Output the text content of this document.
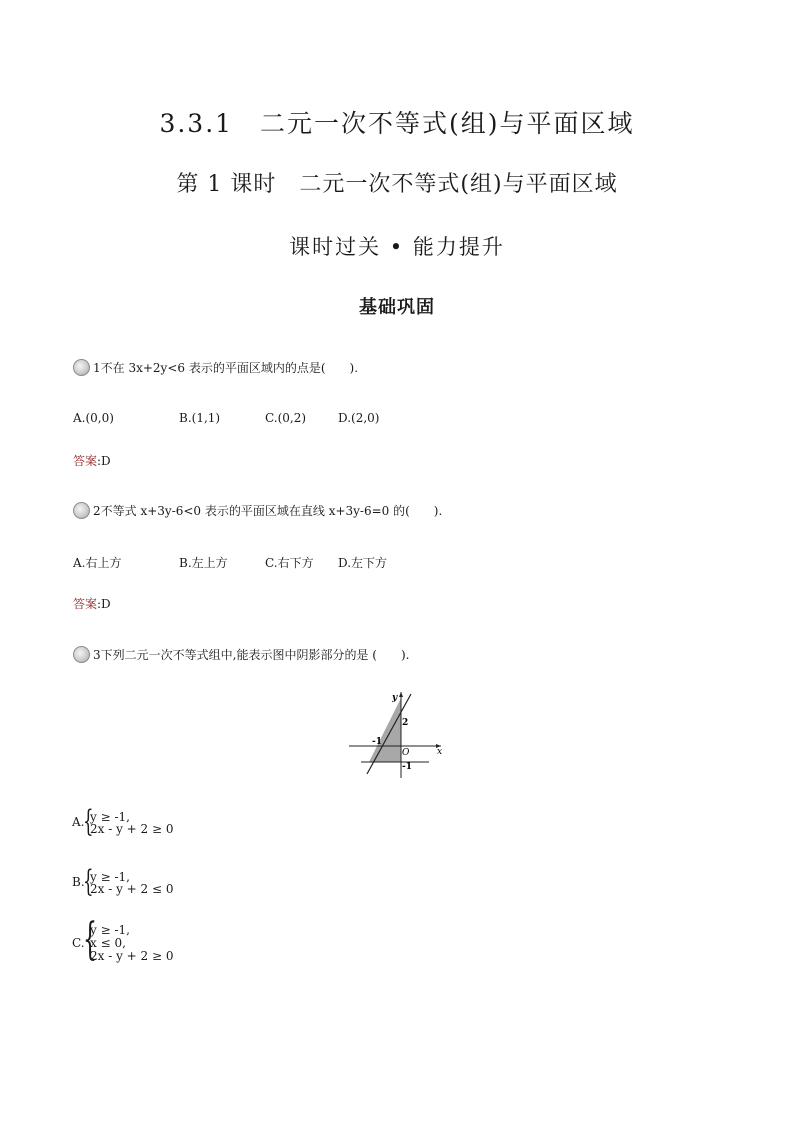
3.3.1　二元一次不等式(组)与平面区域
第 1 课时　二元一次不等式(组)与平面区域
课时过关 • 能力提升
基础巩固
1 不在 3x+2y<6 表示的平面区域内的点是(　　).
A.(0,0)	B.(1,1)	C.(0,2)	D.(2,0)
答案:D
2 不等式 x+3y-6<0 表示的平面区域在直线 x+3y-6=0 的(　　).
A.右上方	B.左上方	C.右下方 D.左下方
答案:D
3 下列二元一次不等式组中,能表示图中阴影部分的是 (　　).
y
x
O
2
-1
-1
A.
{
y ≥ -1,
2x - y + 2 ≥ 0
B.
{
y ≥ -1,
2x - y + 2 ≤ 0
C.
{
y ≥ -1,
x ≤ 0,
2x - y + 2 ≥ 0
